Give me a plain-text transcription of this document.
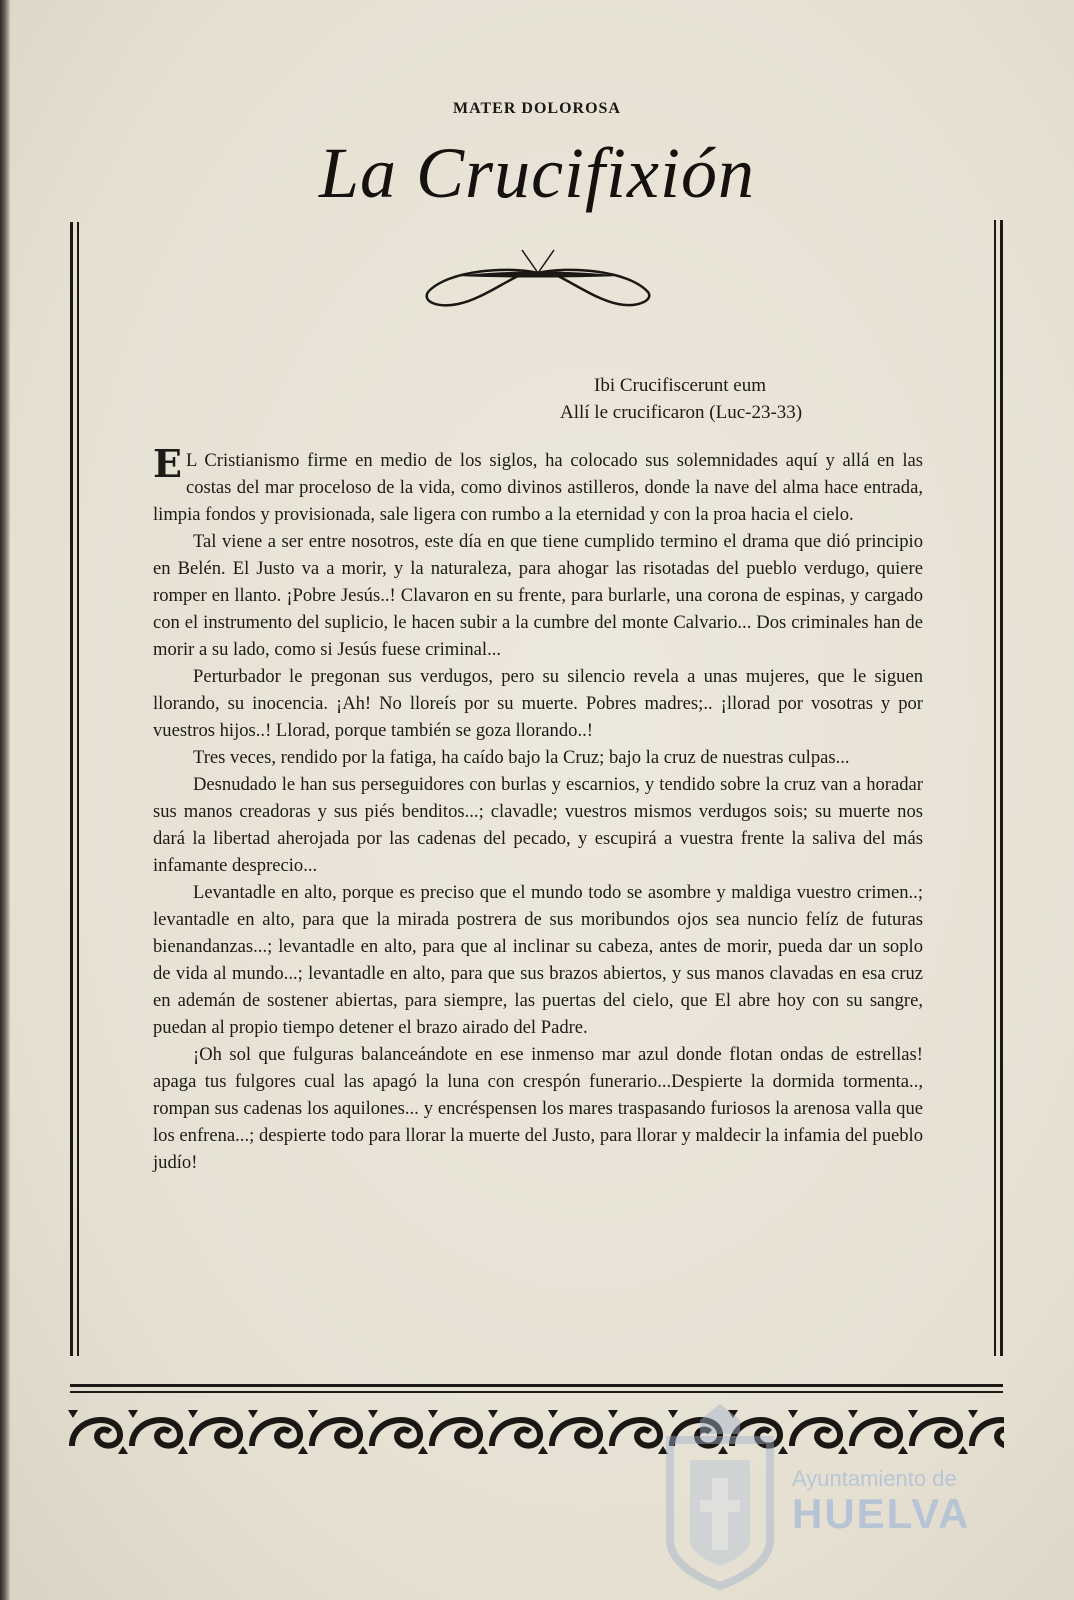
MATER DOLOROSA
La Crucifixión
Ibi Crucifiscerunt eum
Allí le crucificaron (Luc-23-33)

E L Cristianismo firme en medio de los siglos, ha colocado sus solemnidades aquí y allá en las costas del mar proceloso de la vida, como divinos astilleros, donde la nave del alma hace entrada, limpia fondos y provisionada, sale ligera con rumbo a la eternidad y con la proa hacia el cielo.

Tal viene a ser entre nosotros, este día en que tiene cumplido termino el drama que dió principio en Belén. El Justo va a morir, y la naturaleza, para ahogar las risotadas del pueblo verdugo, quiere romper en llanto. ¡Pobre Jesús..! Clavaron en su frente, para burlarle, una corona de espinas, y cargado con el instrumento del suplicio, le hacen subir a la cumbre del monte Calvario... Dos criminales han de morir a su lado, como si Jesús fuese criminal...

Perturbador le pregonan sus verdugos, pero su silencio revela a unas mujeres, que le siguen llorando, su inocencia. ¡Ah! No lloreís por su muerte. Pobres madres;.. ¡llorad por vosotras y por vuestros hijos..! Llorad, porque también se goza llorando..!

Tres veces, rendido por la fatiga, ha caído bajo la Cruz; bajo la cruz de nuestras culpas...

Desnudado le han sus perseguidores con burlas y escarnios, y tendido sobre la cruz van a horadar sus manos creadoras y sus piés benditos...; clavadle; vuestros mismos verdugos sois; su muerte nos dará la libertad aherojada por las cadenas del pecado, y escupirá a vuestra frente la saliva del más infamante desprecio...

Levantadle en alto, porque es preciso que el mundo todo se asombre y maldiga vuestro crimen..; levantadle en alto, para que la mirada postrera de sus moribundos ojos sea nuncio felíz de futuras bienandanzas...; levantadle en alto, para que al inclinar su cabeza, antes de morir, pueda dar un soplo de vida al mundo...; levantadle en alto, para que sus brazos abiertos, y sus manos clavadas en esa cruz en ademán de sostener abiertas, para siempre, las puertas del cielo, que El abre hoy con su sangre, puedan al propio tiempo detener el brazo airado del Padre.

¡Oh sol que fulguras balanceándote en ese inmenso mar azul donde flotan ondas de estrellas! apaga tus fulgores cual las apagó la luna con crespón funerario...Despierte la dormida tormenta.., rompan sus cadenas los aquilones... y encréspensen los mares traspasando furiosos la arenosa valla que los enfrena...; despierte todo para llorar la muerte del Justo, para llorar y maldecir la infamia del pueblo judío!

Ayuntamiento de
HUELVA
